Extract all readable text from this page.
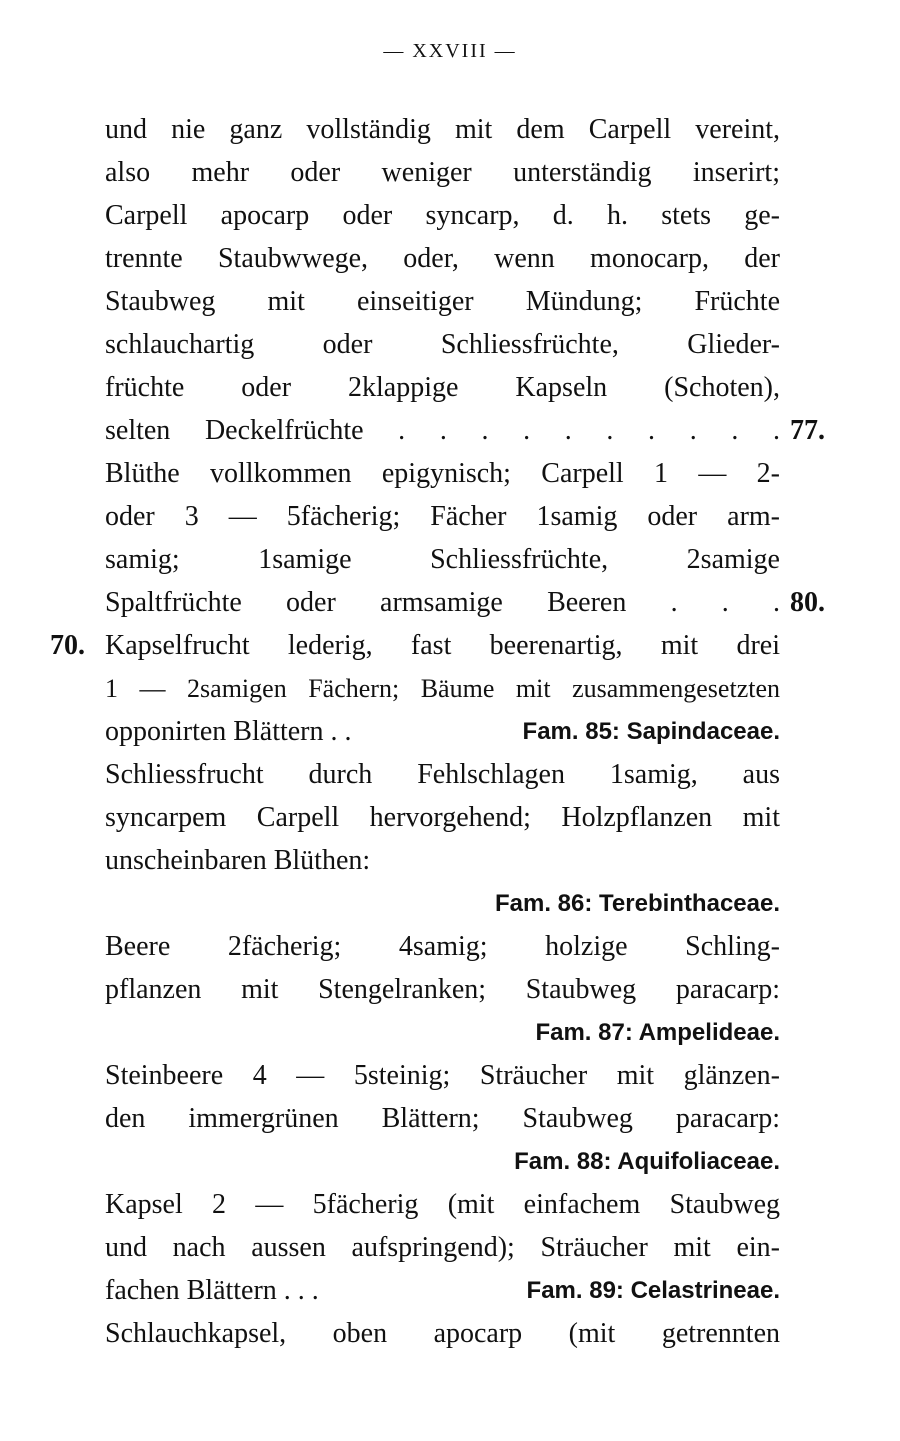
— XXVIII —
und nie ganz vollständig mit dem Carpell vereint,
also mehr oder weniger unterständig inserirt;
Carpell apocarp oder syncarp, d. h. stets ge-
trennte Staubwwege, oder, wenn monocarp, der
Staubweg mit einseitiger Mündung; Früchte
schlauchartig oder Schliessfrüchte, Glieder-
früchte oder 2klappige Kapseln (Schoten),
selten Deckelfrüchte . . . . . . . . . . 77.
Blüthe vollkommen epigynisch; Carpell 1 — 2-
oder 3 — 5fächerig; Fächer 1samig oder arm-
samig; 1samige Schliessfrüchte, 2samige
Spaltfrüchte oder armsamige Beeren . . . 80.
70. Kapselfrucht lederig, fast beerenartig, mit drei
1 — 2samigen Fächern; Bäume mit zusammengesetzten
opponirten Blättern . .	Fam. 85: Sapindaceae.
Schliessfrucht durch Fehlschlagen 1samig, aus
syncarpem Carpell hervorgehend; Holzpflanzen mit
unscheinbaren Blüthen:
Fam. 86: Terebinthaceae.
Beere 2fächerig; 4samig; holzige Schling-
pflanzen mit Stengelranken; Staubweg paracarp:
Fam. 87: Ampelideae.
Steinbeere 4 — 5steinig; Sträucher mit glänzen-
den immergrünen Blättern; Staubweg paracarp:
Fam. 88: Aquifoliaceae.
Kapsel 2 — 5fächerig (mit einfachem Staubweg
und nach aussen aufspringend); Sträucher mit ein-
fachen Blättern . . .	Fam. 89: Celastrineae.
Schlauchkapsel, oben apocarp (mit getrennten
